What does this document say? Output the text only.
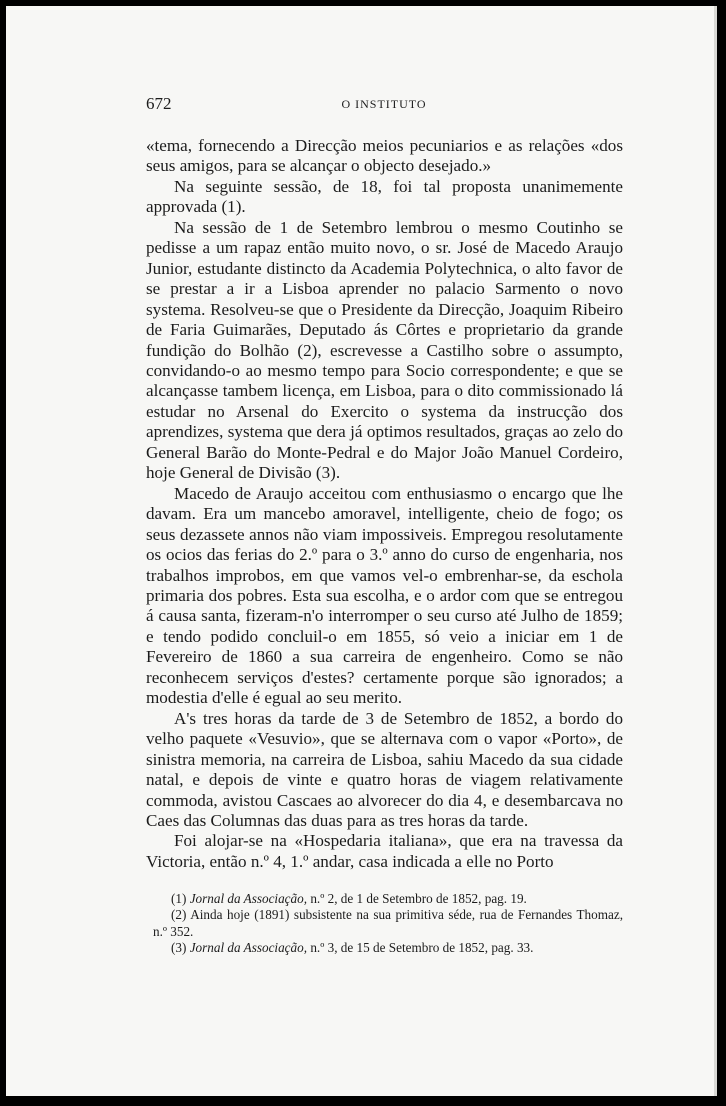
672	O INSTITUTO

«tema, fornecendo a Direcção meios pecuniarios e as relações «dos seus amigos, para se alcançar o objecto desejado.»

Na seguinte sessão, de 18, foi tal proposta unanimemente approvada (1).

Na sessão de 1 de Setembro lembrou o mesmo Coutinho se pedisse a um rapaz então muito novo, o sr. José de Macedo Araujo Junior, estudante distincto da Academia Polytechnica, o alto favor de se prestar a ir a Lisboa aprender no palacio Sarmento o novo systema. Resolveu-se que o Presidente da Direcção, Joaquim Ribeiro de Faria Guimarães, Deputado ás Côrtes e proprietario da grande fundição do Bolhão (2), escrevesse a Castilho sobre o assumpto, convidando-o ao mesmo tempo para Socio correspondente; e que se alcançasse tambem licença, em Lisboa, para o dito commissionado lá estudar no Arsenal do Exercito o systema da instrucção dos aprendizes, systema que dera já optimos resultados, graças ao zelo do General Barão do Monte-Pedral e do Major João Manuel Cordeiro, hoje General de Divisão (3).

Macedo de Araujo acceitou com enthusiasmo o encargo que lhe davam. Era um mancebo amoravel, intelligente, cheio de fogo; os seus dezassete annos não viam impossiveis. Empregou resolutamente os ocios das ferias do 2.º para o 3.º anno do curso de engenharia, nos trabalhos improbos, em que vamos vel-o embrenhar-se, da eschola primaria dos pobres. Esta sua escolha, e o ardor com que se entregou á causa santa, fizeram-n'o interromper o seu curso até Julho de 1859; e tendo podido concluil-o em 1855, só veio a iniciar em 1 de Fevereiro de 1860 a sua carreira de engenheiro. Como se não reconhecem serviços d'estes? certamente porque são ignorados; a modestia d'elle é egual ao seu merito.

A's tres horas da tarde de 3 de Setembro de 1852, a bordo do velho paquete «Vesuvio», que se alternava com o vapor «Porto», de sinistra memoria, na carreira de Lisboa, sahiu Macedo da sua cidade natal, e depois de vinte e quatro horas de viagem relativamente commoda, avistou Cascaes ao alvorecer do dia 4, e desembarcava no Caes das Columnas das duas para as tres horas da tarde.

Foi alojar-se na «Hospedaria italiana», que era na travessa da Victoria, então n.º 4, 1.º andar, casa indicada a elle no Porto

(1) Jornal da Associação, n.º 2, de 1 de Setembro de 1852, pag. 19.

(2) Ainda hoje (1891) subsistente na sua primitiva séde, rua de Fernandes Thomaz, n.º 352.

(3) Jornal da Associação, n.º 3, de 15 de Setembro de 1852, pag. 33.
